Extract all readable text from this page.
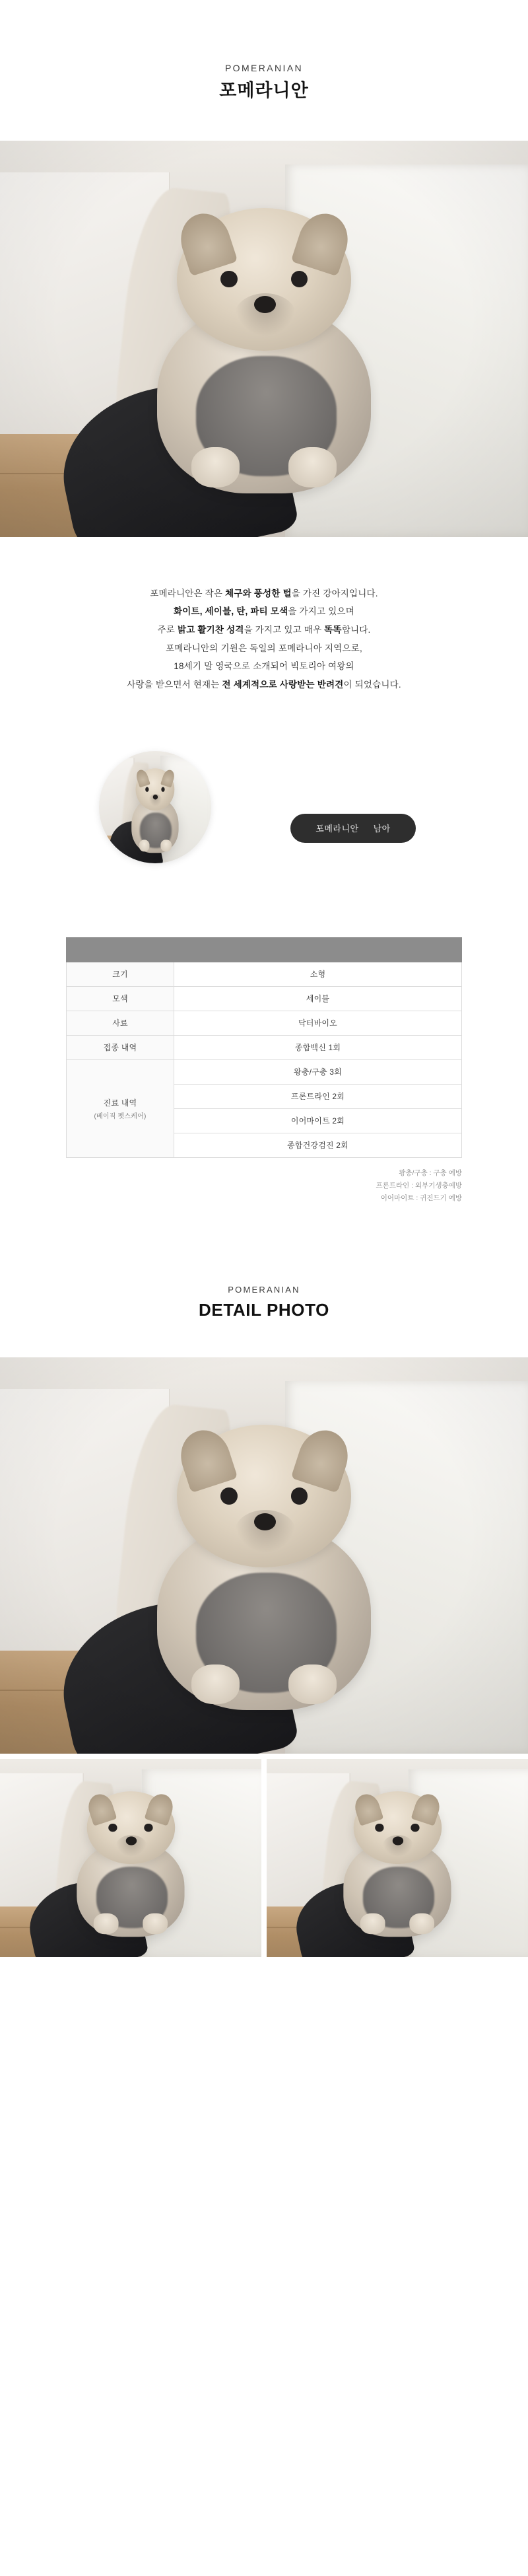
POMERANIAN
포메라니안

포메라니안은 작은 체구와 풍성한 털을 가진 강아지입니다.

화이트, 세이블, 탄, 파티 모색을 가지고 있으며

주로 밝고 활기찬 성격을 가지고 있고 매우 똑똑합니다.

포메라니안의 기원은 독일의 포메라니아 지역으로,

18세기 말 영국으로 소개되어 빅토리아 여왕의

사랑을 받으면서 현재는 전 세계적으로 사랑받는 반려견이 되었습니다.

포메라니안 남아

크기	소형
모색	세이블
사료	닥터바이오
접종 내역	종합백신 1회

진료 내역
(베이직 펫스케어)	왕충/구충 3회
	프론트라인 2회
	이어마이트 2회
	종합건강검진 2회
왕충/구충 : 구충 예방
프론트라인 : 외부기생충예방
이어마이트 : 귀진드기 예방
POMERANIAN
DETAIL PHOTO
